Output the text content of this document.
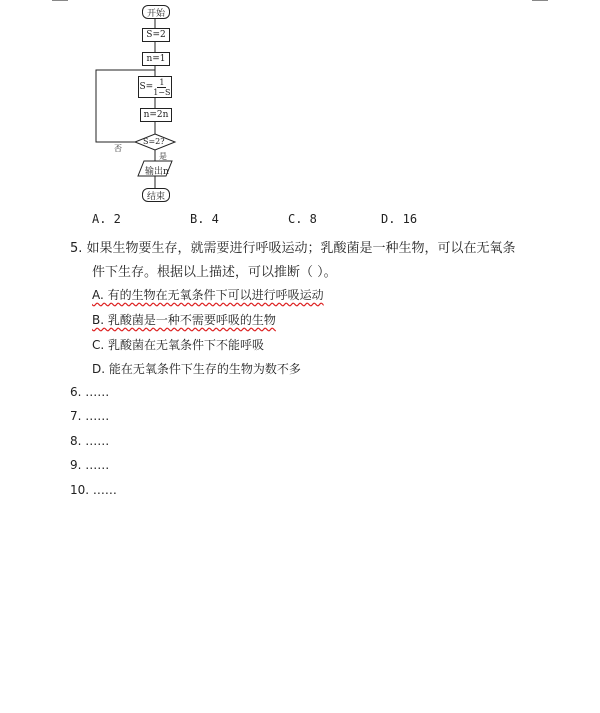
开始
S=2
n=1
$S= \frac{1}{1-S}$
n=2n
S=2?
是
否
输出n
结束
A. 2	B. 4	C. 8	D. 16
5. 如果生物要生存，就需要进行呼吸运动；乳酸菌是一种生物，可以在无氧条
件下生存。根据以上描述，可以推断（ ）。
A. 有的生物在无氧条件下可以进行呼吸运动
B. 乳酸菌是一种不需要呼吸的生物
C. 乳酸菌在无氧条件下不能呼吸
D. 能在无氧条件下生存的生物为数不多
6. ……
7. ……
8. ……
9. ……
10. ……
